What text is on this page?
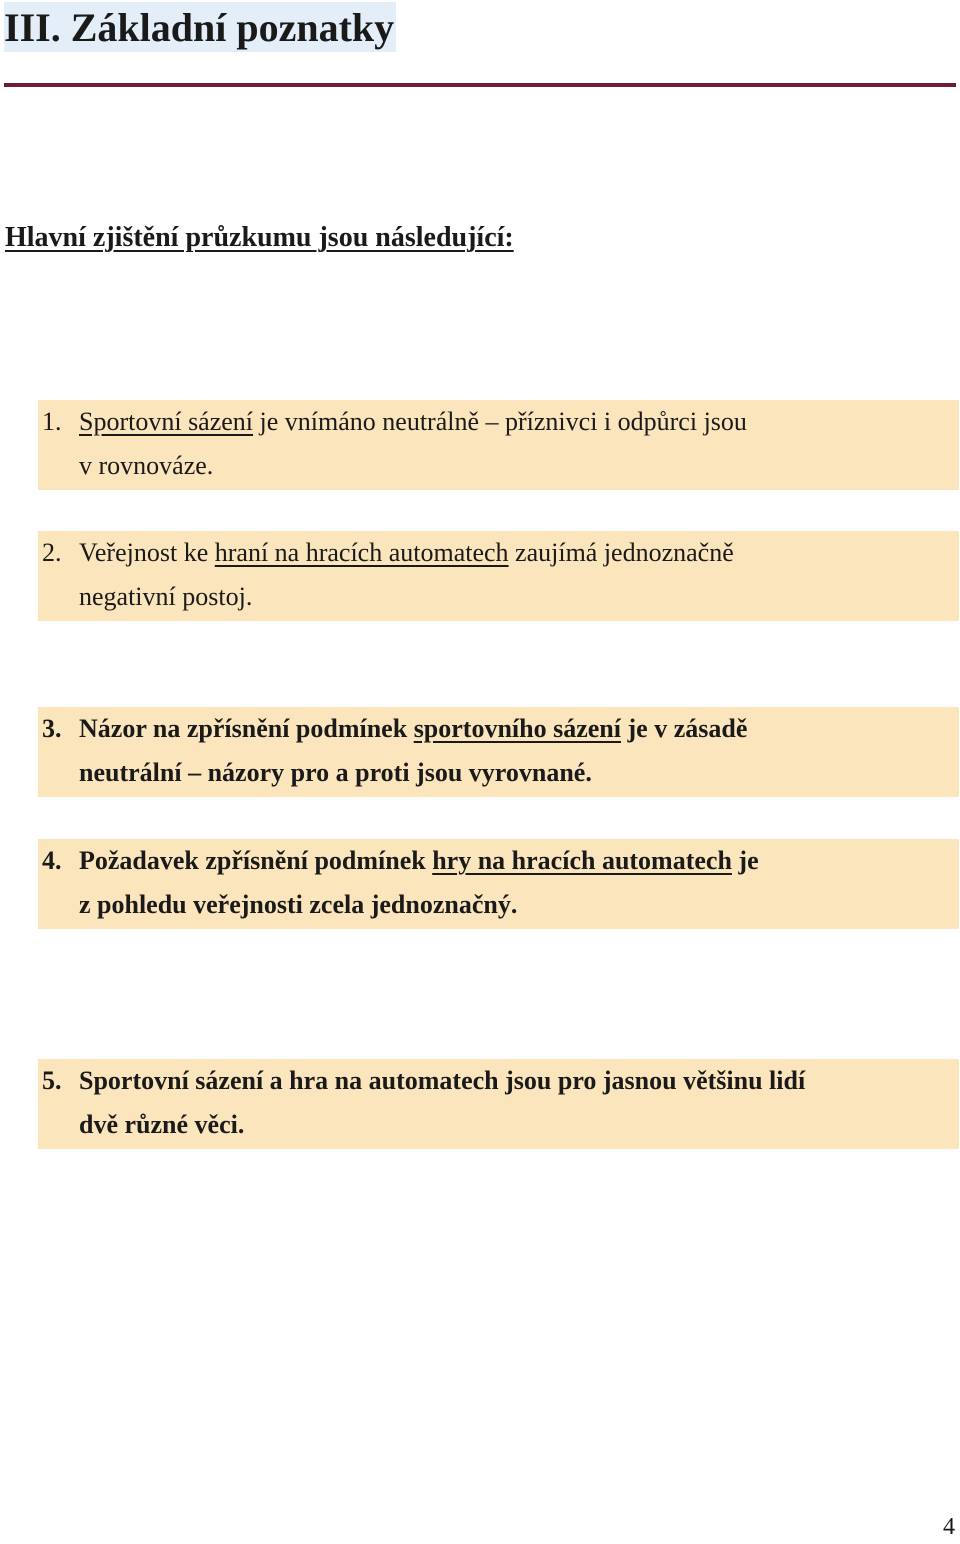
III. Základní poznatky
Hlavní zjištění průzkumu jsou následující:
1. Sportovní sázení je vnímáno neutrálně – příznivci i odpůrci jsou
v rovnováze.
2. Veřejnost ke hraní na hracích automatech zaujímá jednoznačně
negativní postoj.
3. Názor na zpřísnění podmínek sportovního sázení je v zásadě
neutrální – názory pro a proti jsou vyrovnané.
4. Požadavek zpřísnění podmínek hry na hracích automatech je
z pohledu veřejnosti zcela jednoznačný.
5. Sportovní sázení a hra na automatech jsou pro jasnou většinu lidí
dvě různé věci.
4
